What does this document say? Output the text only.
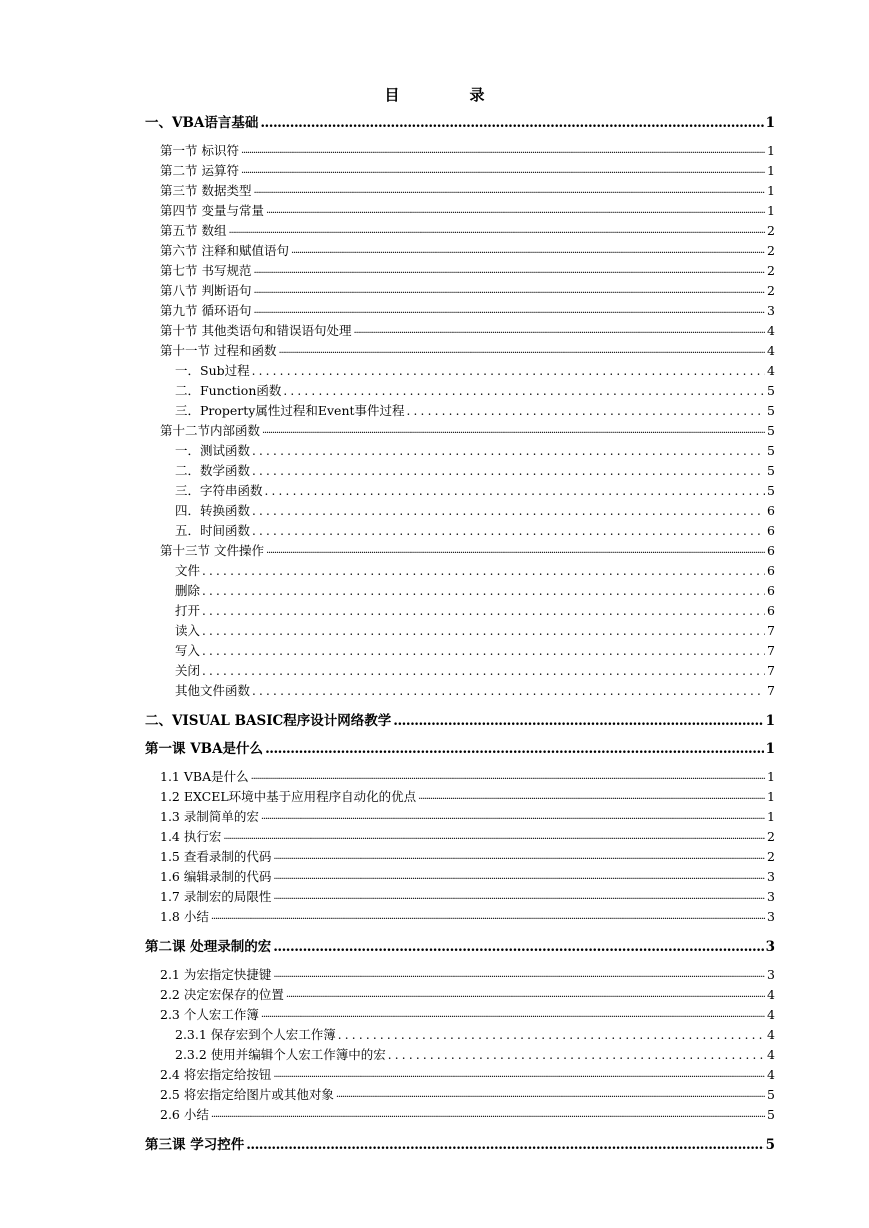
目	录
一、VBA语言基础 .....	1
第一节 标识符 .....	1
第二节 运算符 .....	1
第三节 数据类型 .....	1
第四节 变量与常量 .....	1
第五节 数组 .....	2
第六节 注释和赋值语句 .....	2
第七节 书写规范 .....	2
第八节 判断语句 .....	2
第九节 循环语句 .....	3
第十节 其他类语句和错误语句处理 .....	4
第十一节 过程和函数 .....	4
一．Sub过程 .....	4
二．Function函数 .....	5
三．Property属性过程和Event事件过程 .....	5
第十二节内部函数 .....	5
一．测试函数 .....	5
二．数学函数 .....	5
三．字符串函数 .....	5
四．转换函数 .....	6
五．时间函数 .....	6
第十三节 文件操作 .....	6
文件 .....	6
删除 .....	6
打开 .....	6
读入 .....	7
写入 .....	7
关闭 .....	7
其他文件函数 .....	7
二、VISUAL BASIC程序设计网络教学 .....	1
第一课 VBA是什么 .....	1
1.1 VBA是什么 .....	1
1.2 EXCEL环境中基于应用程序自动化的优点 .....	1
1.3 录制简单的宏 .....	1
1.4 执行宏 .....	2
1.5 查看录制的代码 .....	2
1.6 编辑录制的代码 .....	3
1.7 录制宏的局限性 .....	3
1.8 小结 .....	3
第二课 处理录制的宏 .....	3
2.1 为宏指定快捷键 .....	3
2.2 决定宏保存的位置 .....	4
2.3 个人宏工作簿 .....	4
2.3.1 保存宏到个人宏工作簿 .....	4
2.3.2 使用并编辑个人宏工作簿中的宏 .....	4
2.4 将宏指定给按钮 .....	4
2.5 将宏指定给图片或其他对象 .....	5
2.6 小结 .....	5
第三课 学习控件 .....	5
